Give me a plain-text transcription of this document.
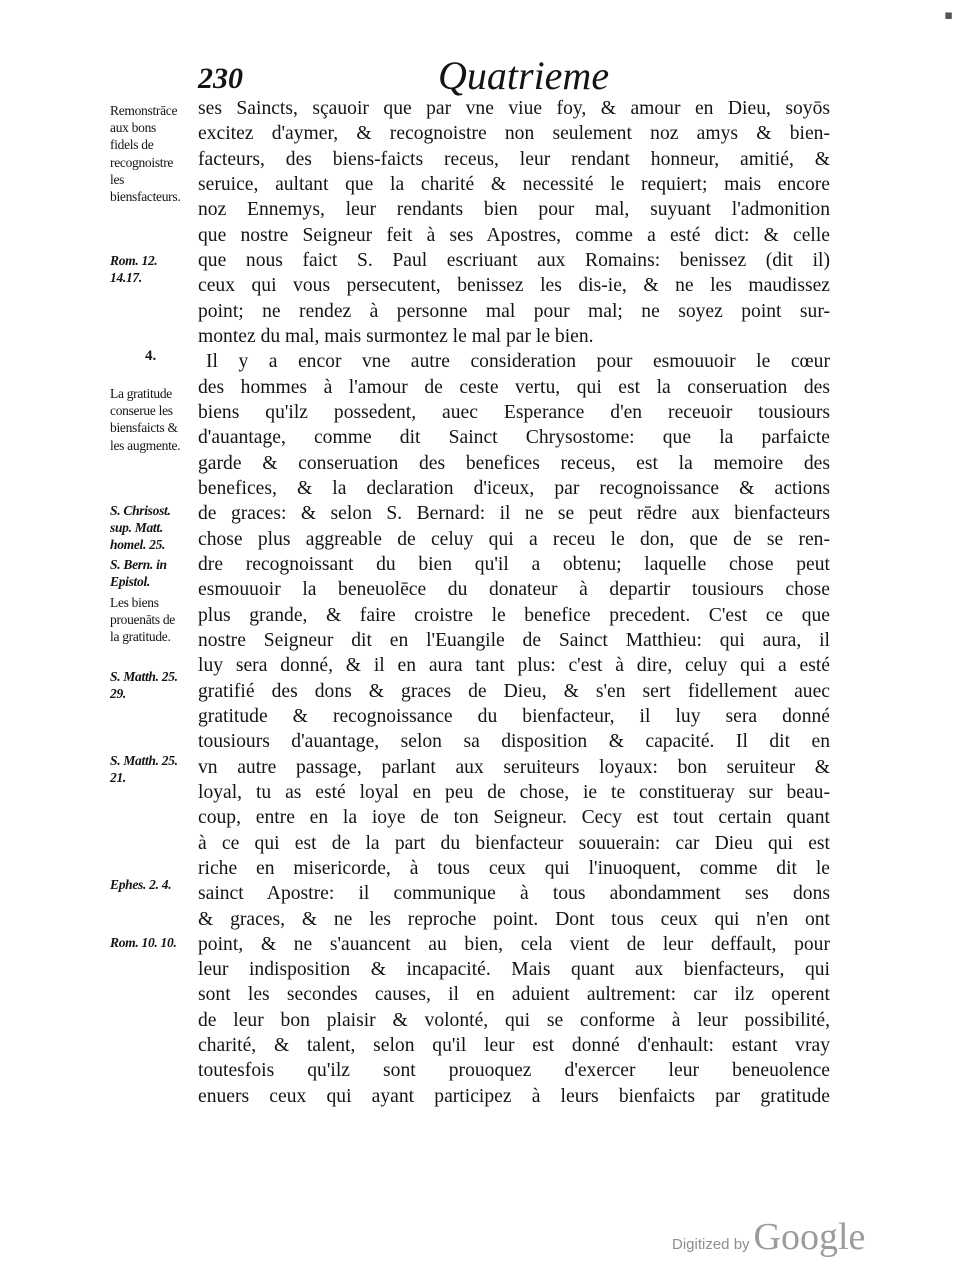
▪
230	Quatrieme
Remonstrāce aux bons fidels de recognoistre les biensfacteurs.
Rom. 12. 14.17.
4.
La gratitude conserue les biensfaicts & les augmente.
S. Chrisost. sup. Matt. homel. 25.
S. Bern. in Epistol.
Les biens prouenāts de la gratitude.
S. Matth. 25. 29.
S. Matth. 25. 21.
Ephes. 2. 4.
Rom. 10. 10.
ses Saincts, sçauoir que par vne viue foy, & amour en Dieu, soyōs
excitez d'aymer, & recognoistre non seulement noz amys & bien-
facteurs, des biens-faicts receus, leur rendant honneur, amitié, &
seruice, aultant que la charité & necessité le requiert; mais encore
noz Ennemys, leur rendants bien pour mal, suyuant l'admonition
que nostre Seigneur feit à ses Apostres, comme a esté dict: & celle
que nous faict S. Paul escriuant aux Romains: benissez (dit il)
ceux qui vous persecutent, benissez les dis-ie, & ne les maudissez
point; ne rendez à personne mal pour mal; ne soyez point sur-
montez du mal, mais surmontez le mal par le bien.
Il y a encor vne autre consideration pour esmouuoir le cœur
des hommes à l'amour de ceste vertu, qui est la conseruation des
biens qu'ilz possedent, auec Esperance d'en receuoir tousiours
d'auantage, comme dit Sainct Chrysostome: que la parfaicte
garde & conseruation des benefices receus, est la memoire des
benefices, & la declaration d'iceux, par recognoissance & actions
de graces: & selon S. Bernard: il ne se peut rēdre aux bienfacteurs
chose plus aggreable de celuy qui a receu le don, que de se ren-
dre recognoissant du bien qu'il a obtenu; laquelle chose peut
esmouuoir la beneuolēce du donateur à departir tousiours chose
plus grande, & faire croistre le benefice precedent. C'est ce que
nostre Seigneur dit en l'Euangile de Sainct Matthieu: qui aura, il
luy sera donné, & il en aura tant plus: c'est à dire, celuy qui a esté
gratifié des dons & graces de Dieu, & s'en sert fidellement auec
gratitude & recognoissance du bienfacteur, il luy sera donné
tousiours d'auantage, selon sa disposition & capacité. Il dit en
vn autre passage, parlant aux seruiteurs loyaux: bon seruiteur &
loyal, tu as esté loyal en peu de chose, ie te constitueray sur beau-
coup, entre en la ioye de ton Seigneur. Cecy est tout certain quant
à ce qui est de la part du bienfacteur souuerain: car Dieu qui est
riche en misericorde, à tous ceux qui l'inuoquent, comme dit le
sainct Apostre: il communique à tous abondamment ses dons
& graces, & ne les reproche point. Dont tous ceux qui n'en ont
point, & ne s'auancent au bien, cela vient de leur deffault, pour
leur indisposition & incapacité. Mais quant aux bienfacteurs, qui
sont les secondes causes, il en aduient aultrement: car ilz operent
de leur bon plaisir & volonté, qui se conforme à leur possibilité,
charité, & talent, selon qu'il leur est donné d'enhault: estant vray
toutesfois qu'ilz sont prouoquez d'exercer leur beneuolence
enuers ceux qui ayant participez à leurs bienfaicts par gratitude
Digitized by Google
